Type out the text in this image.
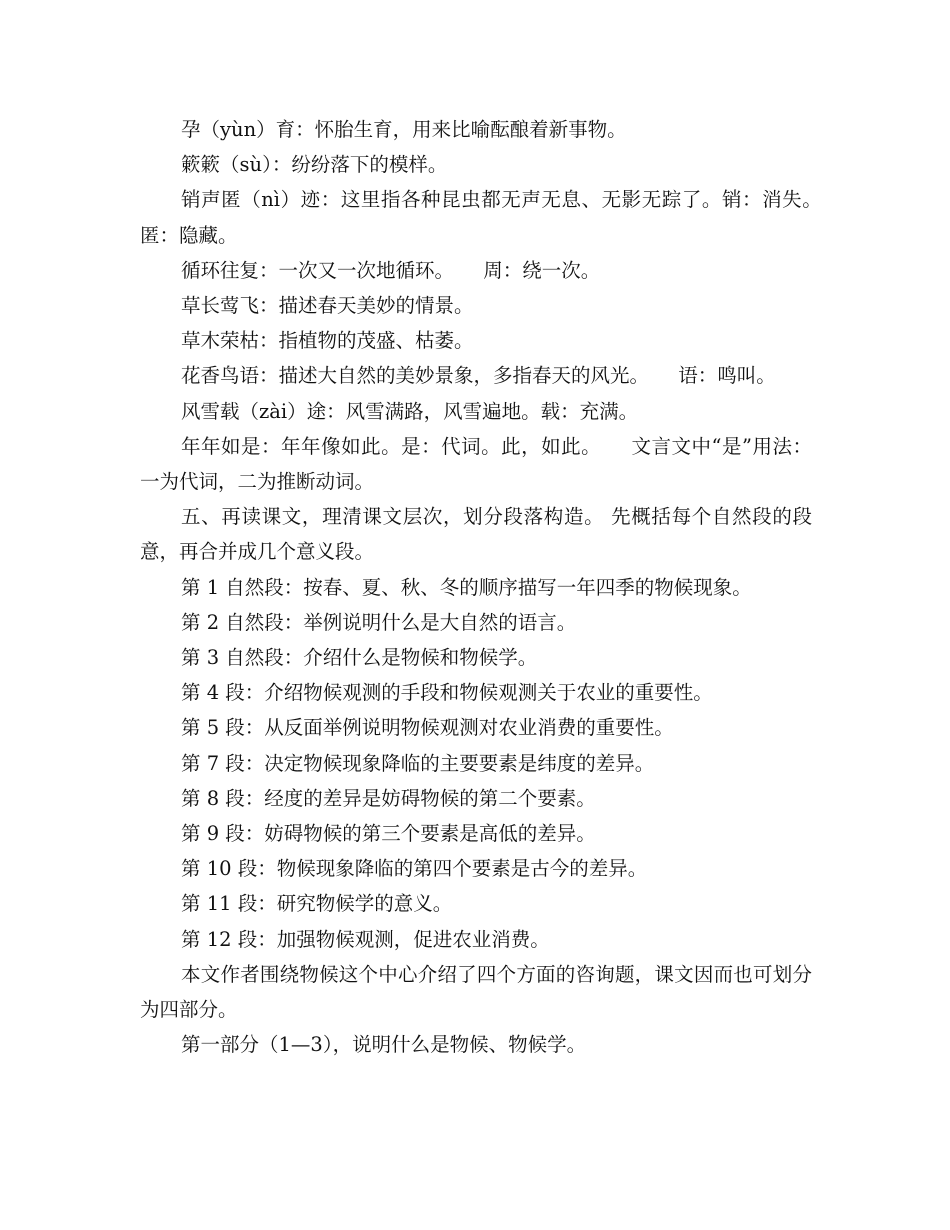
孕（yùn）育：怀胎生育，用来比喻酝酿着新事物。

簌簌（sù）：纷纷落下的模样。

销声匿（nì）迹：这里指各种昆虫都无声无息、无影无踪了。销：消失。　　匿：隐藏。

循环往复：一次又一次地循环。　　周：绕一次。

草长莺飞：描述春天美妙的情景。

草木荣枯：指植物的茂盛、枯萎。

花香鸟语：描述大自然的美妙景象，多指春天的风光。　　语：鸣叫。

风雪载（zài）途：风雪满路，风雪遍地。载：充满。

年年如是：年年像如此。是：代词。此，如此。　　文言文中“是”用法：一为代词，二为推断动词。

五、再读课文，理清课文层次，划分段落构造。 先概括每个自然段的段意，再合并成几个意义段。

第 1 自然段：按春、夏、秋、冬的顺序描写一年四季的物候现象。

第 2 自然段：举例说明什么是大自然的语言。

第 3 自然段：介绍什么是物候和物候学。

第 4 段：介绍物候观测的手段和物候观测关于农业的重要性。

第 5 段：从反面举例说明物候观测对农业消费的重要性。

第 7 段：决定物候现象降临的主要要素是纬度的差异。

第 8 段：经度的差异是妨碍物候的第二个要素。

第 9 段：妨碍物候的第三个要素是高低的差异。

第 10 段：物候现象降临的第四个要素是古今的差异。

第 11 段：研究物候学的意义。

第 12 段：加强物候观测，促进农业消费。

本文作者围绕物候这个中心介绍了四个方面的咨询题，课文因而也可划分为四部分。

第一部分（1—3），说明什么是物候、物候学。
